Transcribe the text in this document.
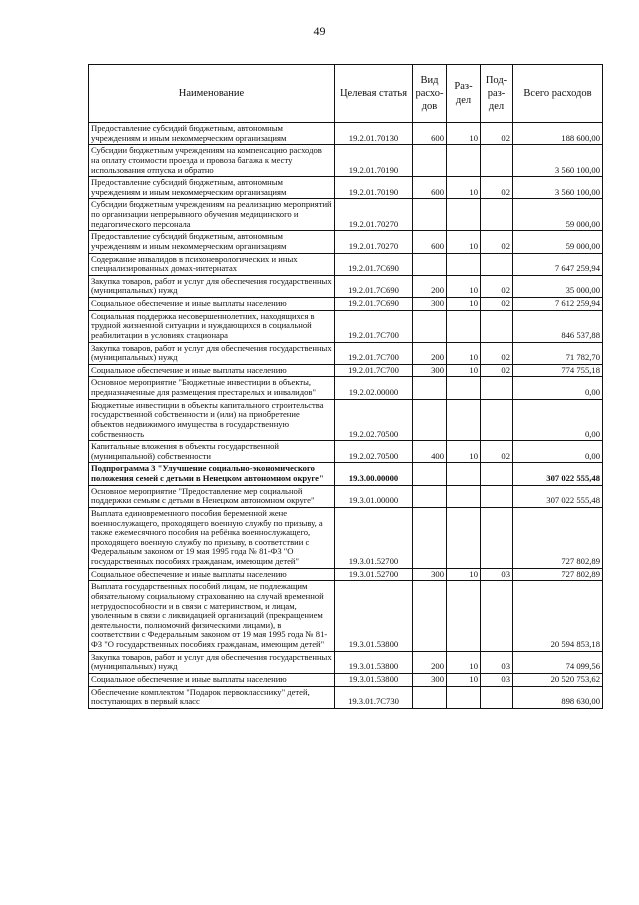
49
Наименование	Целевая статья	Вид расхо-дов	Раз-дел	Под-раз-дел	Всего расходов
Предоставление субсидий бюджетным, автономным учреждениям и иным некоммерческим организациям	19.2.01.70130	600	10	02	188 600,00
Субсидии бюджетным учреждениям на компенсацию расходов на оплату стоимости проезда и провоза багажа к месту использования отпуска и обратно	19.2.01.70190				3 560 100,00
Предоставление субсидий бюджетным, автономным учреждениям и иным некоммерческим организациям	19.2.01.70190	600	10	02	3 560 100,00
Субсидии бюджетным учреждениям на реализацию мероприятий по организации непрерывного обучения медицинского и педагогического персонала	19.2.01.70270				59 000,00
Предоставление субсидий бюджетным, автономным учреждениям и иным некоммерческим организациям	19.2.01.70270	600	10	02	59 000,00
Содержание инвалидов в психоневрологических и иных специализированных домах-интернатах	19.2.01.7С690				7 647 259,94
Закупка товаров, работ и услуг для обеспечения государственных (муниципальных) нужд	19.2.01.7С690	200	10	02	35 000,00
Социальное обеспечение и иные выплаты населению	19.2.01.7С690	300	10	02	7 612 259,94
Социальная поддержка несовершеннолетних, находящихся в трудной жизненной ситуации и нуждающихся в социальной реабилитации в условиях стационара	19.2.01.7С700				846 537,88
Закупка товаров, работ и услуг для обеспечения государственных (муниципальных) нужд	19.2.01.7С700	200	10	02	71 782,70
Социальное обеспечение и иные выплаты населению	19.2.01.7С700	300	10	02	774 755,18
Основное мероприятие "Бюджетные инвестиции в объекты, предназначенные для размещения престарелых и инвалидов"	19.2.02.00000				0,00
Бюджетные инвестиции в объекты капитального строительства государственной собственности и (или) на приобретение объектов недвижимого имущества в государственную собственность	19.2.02.70500				0,00
Капитальные вложения в объекты государственной (муниципальной) собственности	19.2.02.70500	400	10	02	0,00
Подпрограмма 3 "Улучшение социально-экономического положения семей с детьми в Ненецком автономном округе"	19.3.00.00000				307 022 555,48
Основное мероприятие "Предоставление мер социальной поддержки семьям с детьми в Ненецком автономном округе"	19.3.01.00000				307 022 555,48
Выплата единовременного пособия беременной жене военнослужащего, проходящего военную службу по призыву, а также ежемесячного пособия на ребёнка военнослужащего, проходящего военную службу по призыву, в соответствии с Федеральным законом от 19 мая 1995 года № 81-ФЗ "О государственных пособиях гражданам, имеющим детей"	19.3.01.52700				727 802,89
Социальное обеспечение и иные выплаты населению	19.3.01.52700	300	10	03	727 802,89
Выплата государственных пособий лицам, не подлежащим обязательному социальному страхованию на случай временной нетрудоспособности и в связи с материнством, и лицам, уволенным в связи с ликвидацией организаций (прекращением деятельности, полномочий физическими лицами), в соответствии с Федеральным законом от 19 мая 1995 года № 81-ФЗ "О государственных пособиях гражданам, имеющим детей"	19.3.01.53800				20 594 853,18
Закупка товаров, работ и услуг для обеспечения государственных (муниципальных) нужд	19.3.01.53800	200	10	03	74 099,56
Социальное обеспечение и иные выплаты населению	19.3.01.53800	300	10	03	20 520 753,62
Обеспечение комплектом "Подарок первокласснику" детей, поступающих в первый класс	19.3.01.7С730				898 630,00
